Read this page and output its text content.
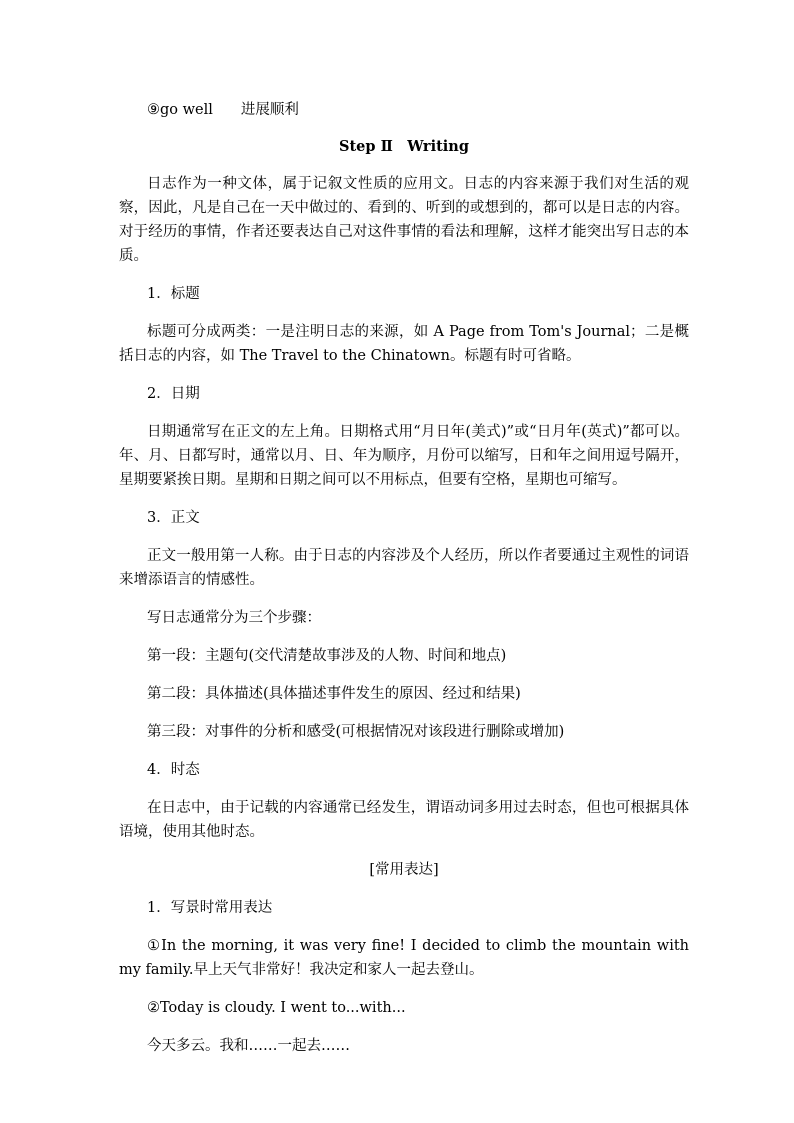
⑨go well 进展顺利

Step Ⅱ　Writing

日志作为一种文体，属于记叙文性质的应用文。日志的内容来源于我们对生活的观察，因此，凡是自己在一天中做过的、看到的、听到的或想到的，都可以是日志的内容。对于经历的事情，作者还要表达自己对这件事情的看法和理解，这样才能突出写日志的本质。

1．标题

标题可分成两类：一是注明日志的来源，如 A Page from Tom's Journal；二是概括日志的内容，如 The Travel to the Chinatown。标题有时可省略。

2．日期

日期通常写在正文的左上角。日期格式用“月日年(美式)”或“日月年(英式)”都可以。年、月、日都写时，通常以月、日、年为顺序，月份可以缩写，日和年之间用逗号隔开，星期要紧挨日期。星期和日期之间可以不用标点，但要有空格，星期也可缩写。

3．正文

正文一般用第一人称。由于日志的内容涉及个人经历，所以作者要通过主观性的词语来增添语言的情感性。

写日志通常分为三个步骤：

第一段：主题句(交代清楚故事涉及的人物、时间和地点)

第二段：具体描述(具体描述事件发生的原因、经过和结果)

第三段：对事件的分析和感受(可根据情况对该段进行删除或增加)

4．时态

在日志中，由于记载的内容通常已经发生，谓语动词多用过去时态，但也可根据具体语境，使用其他时态。

[常用表达]

1．写景时常用表达

①In the morning, it was very fine! I decided to climb the mountain with my family.早上天气非常好！我决定和家人一起去登山。

②Today is cloudy. I went to...with...

今天多云。我和……一起去……
